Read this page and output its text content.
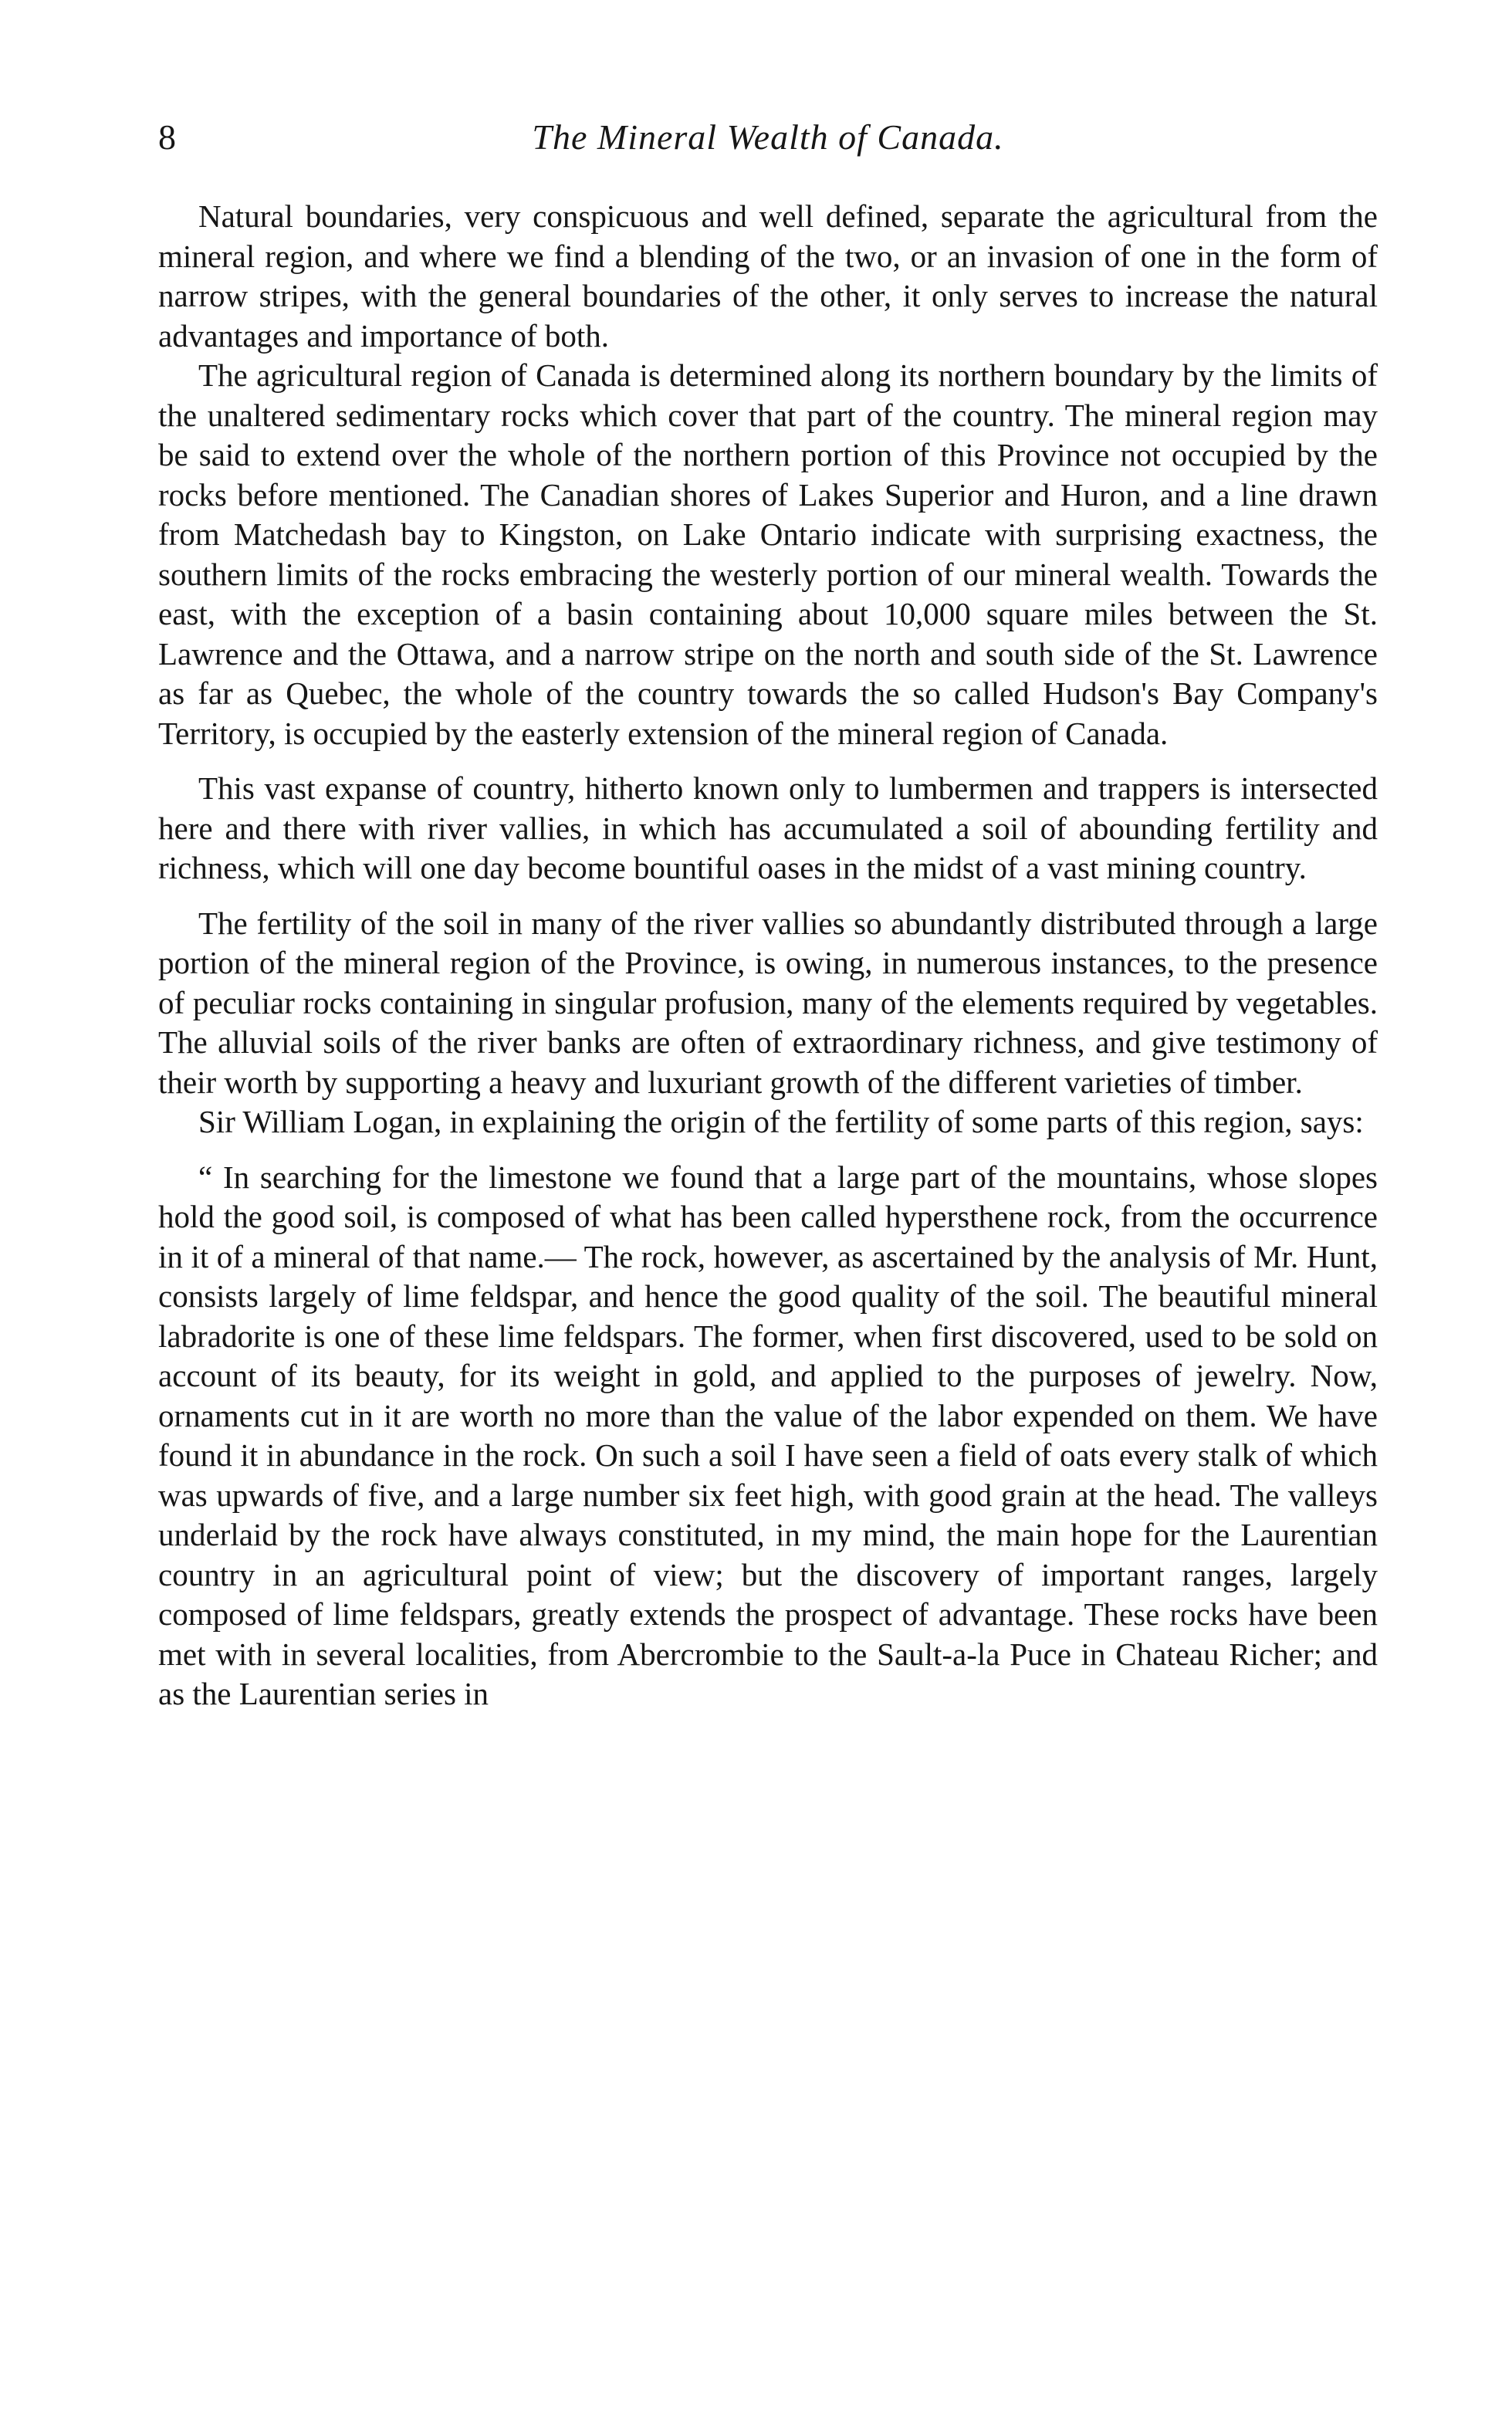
8	The Mineral Wealth of Canada.

Natural boundaries, very conspicuous and well defined, separate the agricultural from the mineral region, and where we find a blending of the two, or an invasion of one in the form of narrow stripes, with the general boundaries of the other, it only serves to increase the natural advantages and importance of both.

The agricultural region of Canada is determined along its northern boundary by the limits of the unaltered sedimentary rocks which cover that part of the country. The mineral region may be said to extend over the whole of the northern portion of this Province not occupied by the rocks before mentioned. The Canadian shores of Lakes Superior and Huron, and a line drawn from Matchedash bay to Kingston, on Lake Ontario indicate with surprising exactness, the southern limits of the rocks embracing the westerly portion of our mineral wealth. Towards the east, with the exception of a basin containing about 10,000 square miles between the St. Lawrence and the Ottawa, and a narrow stripe on the north and south side of the St. Lawrence as far as Quebec, the whole of the country towards the so called Hudson's Bay Company's Territory, is occupied by the easterly extension of the mineral region of Canada.

This vast expanse of country, hitherto known only to lumbermen and trappers is intersected here and there with river vallies, in which has accumulated a soil of abounding fertility and richness, which will one day become bountiful oases in the midst of a vast mining country.

The fertility of the soil in many of the river vallies so abundantly distributed through a large portion of the mineral region of the Province, is owing, in numerous instances, to the presence of peculiar rocks containing in singular profusion, many of the elements required by vegetables. The alluvial soils of the river banks are often of extraordinary richness, and give testimony of their worth by supporting a heavy and luxuriant growth of the different varieties of timber.

Sir William Logan, in explaining the origin of the fertility of some parts of this region, says:

“ In searching for the limestone we found that a large part of the mountains, whose slopes hold the good soil, is composed of what has been called hypersthene rock, from the occurrence in it of a mineral of that name.— The rock, however, as ascertained by the analysis of Mr. Hunt, consists largely of lime feldspar, and hence the good quality of the soil. The beautiful mineral labradorite is one of these lime feldspars. The former, when first discovered, used to be sold on account of its beauty, for its weight in gold, and applied to the purposes of jewelry. Now, ornaments cut in it are worth no more than the value of the labor expended on them. We have found it in abundance in the rock. On such a soil I have seen a field of oats every stalk of which was upwards of five, and a large number six feet high, with good grain at the head. The valleys underlaid by the rock have always constituted, in my mind, the main hope for the Laurentian country in an agricultural point of view; but the discovery of important ranges, largely composed of lime feldspars, greatly extends the prospect of advantage. These rocks have been met with in several localities, from Abercrombie to the Sault-a-la Puce in Chateau Richer; and as the Laurentian series in
